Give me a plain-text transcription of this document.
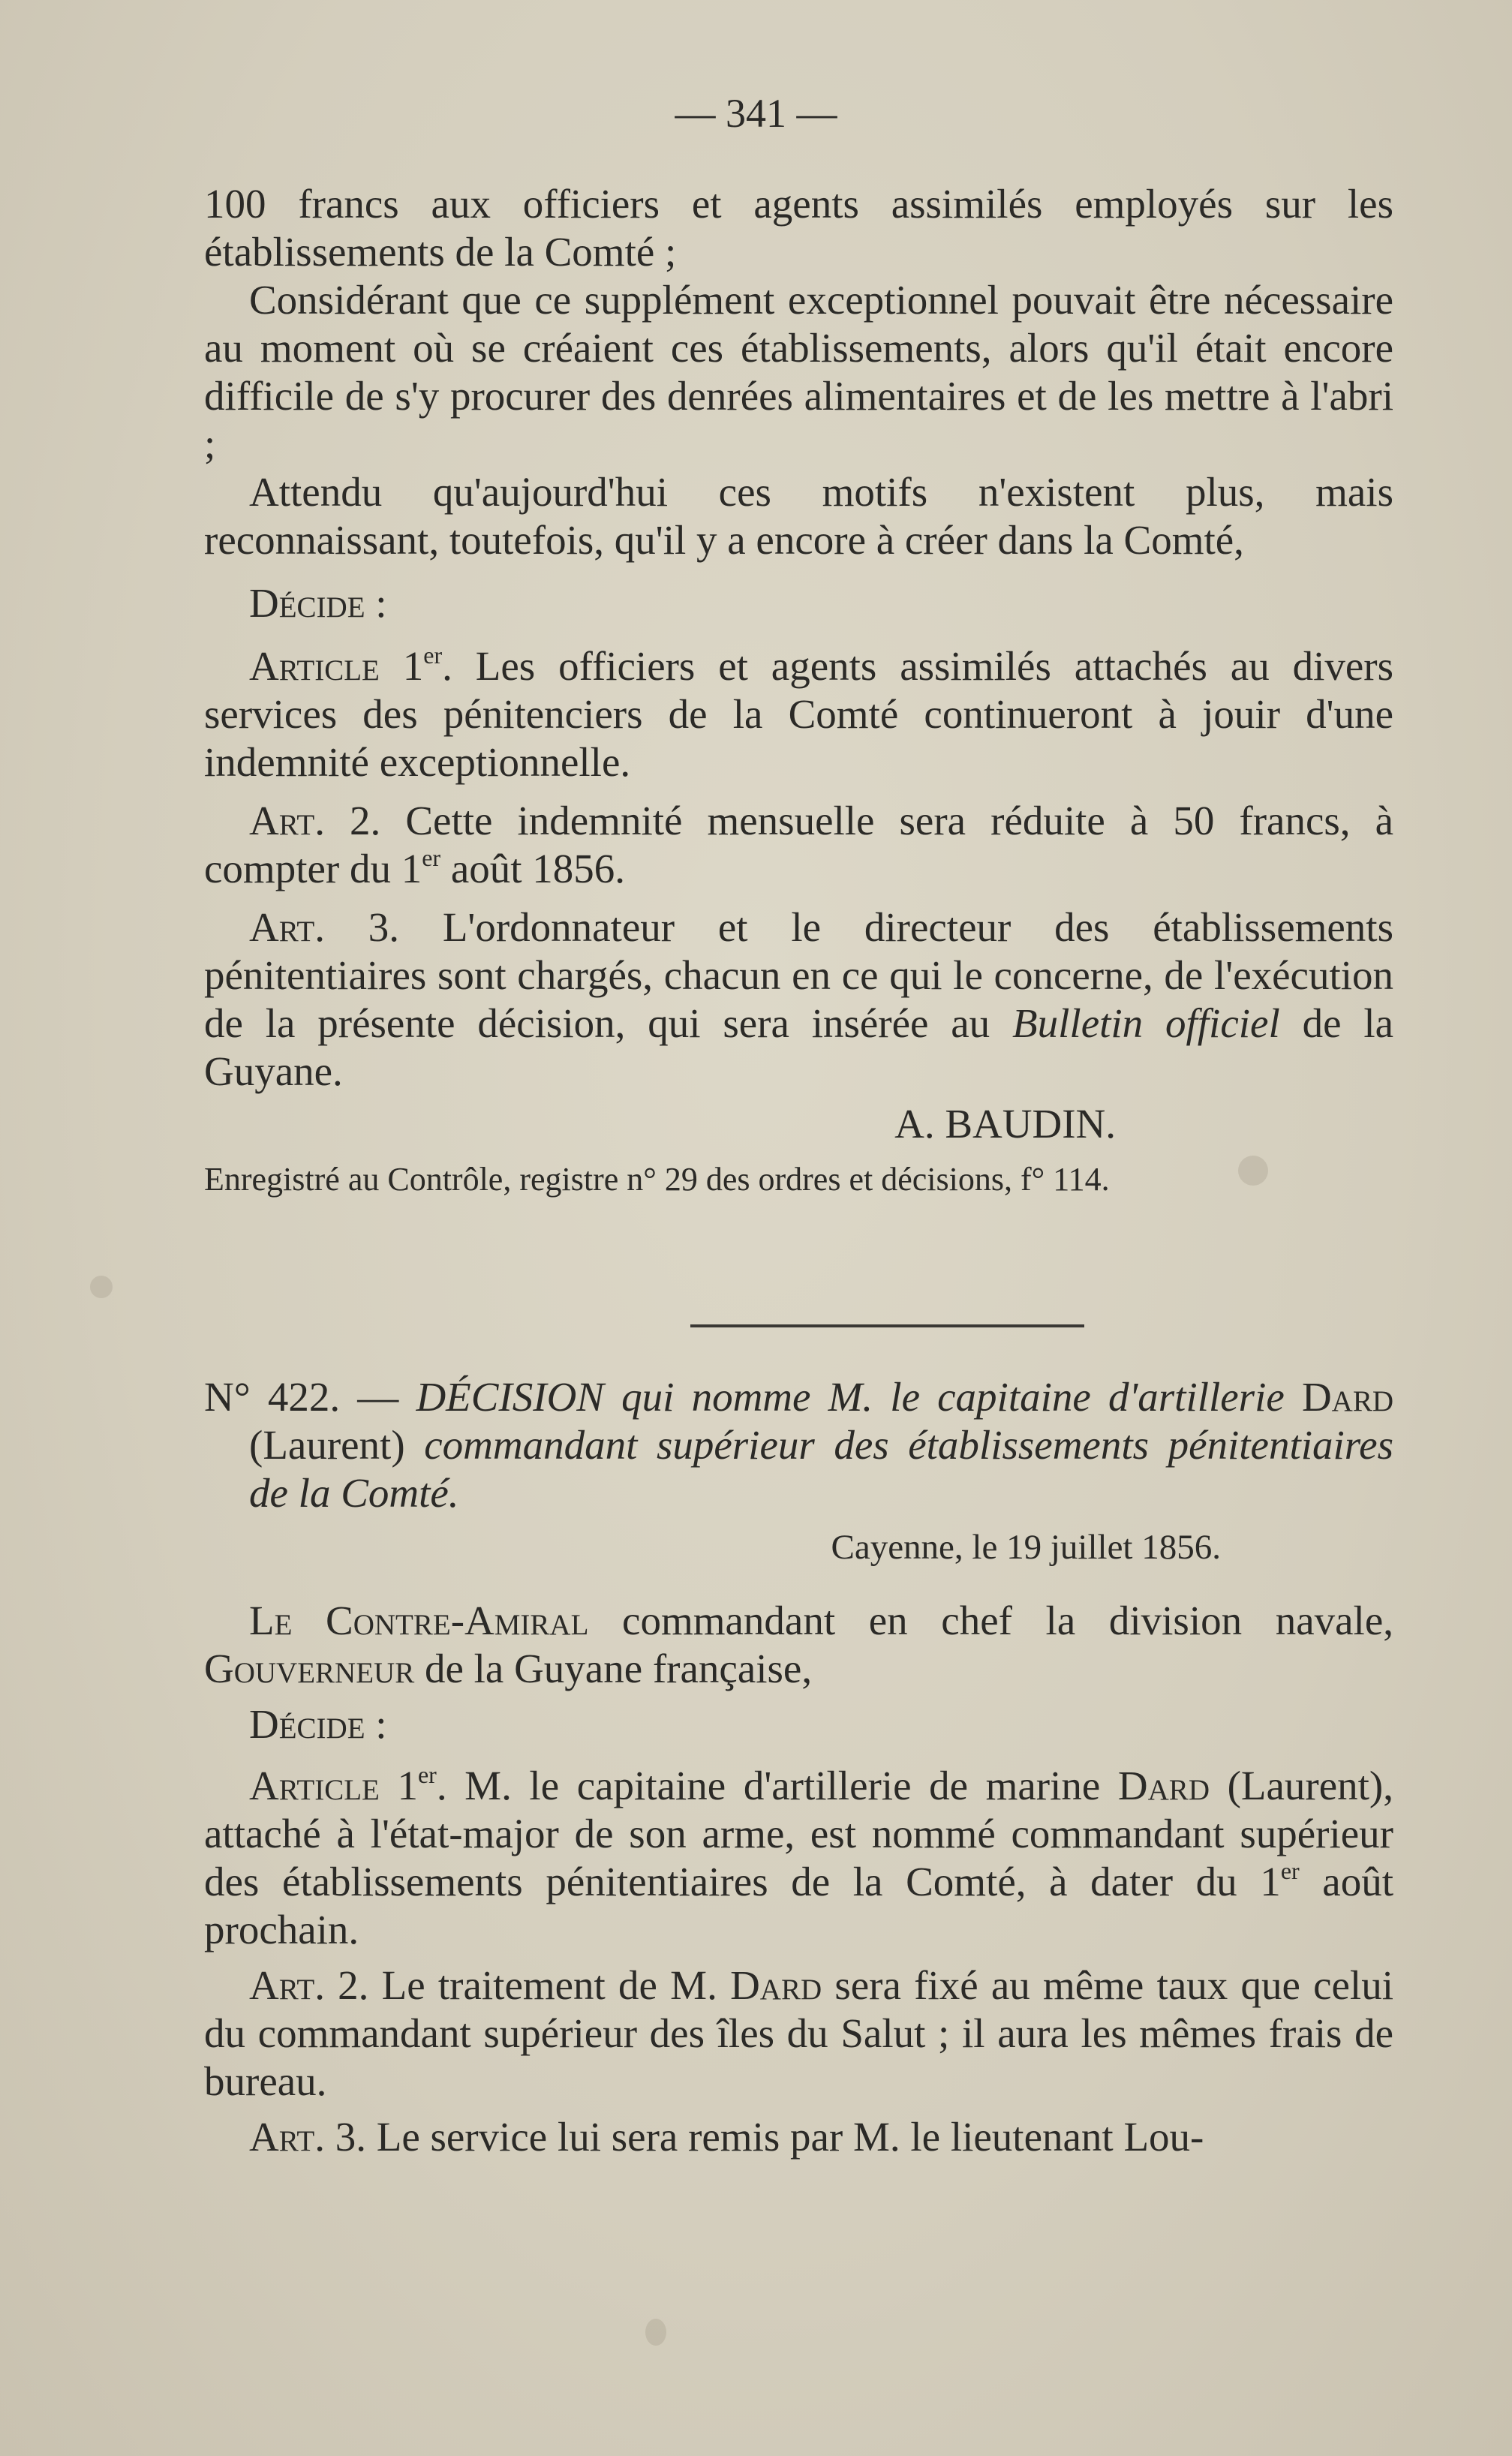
— 341 —

100 francs aux officiers et agents assimilés employés sur les établissements de la Comté ;

Considérant que ce supplément exceptionnel pouvait être nécessaire au moment où se créaient ces établissements, alors qu'il était encore difficile de s'y procurer des denrées alimentaires et de les mettre à l'abri ;

Attendu qu'aujourd'hui ces motifs n'existent plus, mais reconnaissant, toutefois, qu'il y a encore à créer dans la Comté,

Décide :

Article 1er. Les officiers et agents assimilés attachés au divers services des pénitenciers de la Comté continueront à jouir d'une indemnité exceptionnelle.

Art. 2. Cette indemnité mensuelle sera réduite à 50 francs, à compter du 1er août 1856.

Art. 3. L'ordonnateur et le directeur des établissements pénitentiaires sont chargés, chacun en ce qui le concerne, de l'exécution de la présente décision, qui sera insérée au Bulletin officiel de la Guyane.

A. BAUDIN.

Enregistré au Contrôle, registre n° 29 des ordres et décisions, f° 114.

N° 422. — DÉCISION qui nomme M. le capitaine d'artillerie Dard (Laurent) commandant supérieur des établissements pénitentiaires de la Comté.

Cayenne, le 19 juillet 1856.

Le Contre-Amiral commandant en chef la division navale, Gouverneur de la Guyane française,

Décide :

Article 1er. M. le capitaine d'artillerie de marine Dard (Laurent), attaché à l'état-major de son arme, est nommé commandant supérieur des établissements pénitentiaires de la Comté, à dater du 1er août prochain.

Art. 2. Le traitement de M. Dard sera fixé au même taux que celui du commandant supérieur des îles du Salut ; il aura les mêmes frais de bureau.

Art. 3. Le service lui sera remis par M. le lieutenant Lou-
